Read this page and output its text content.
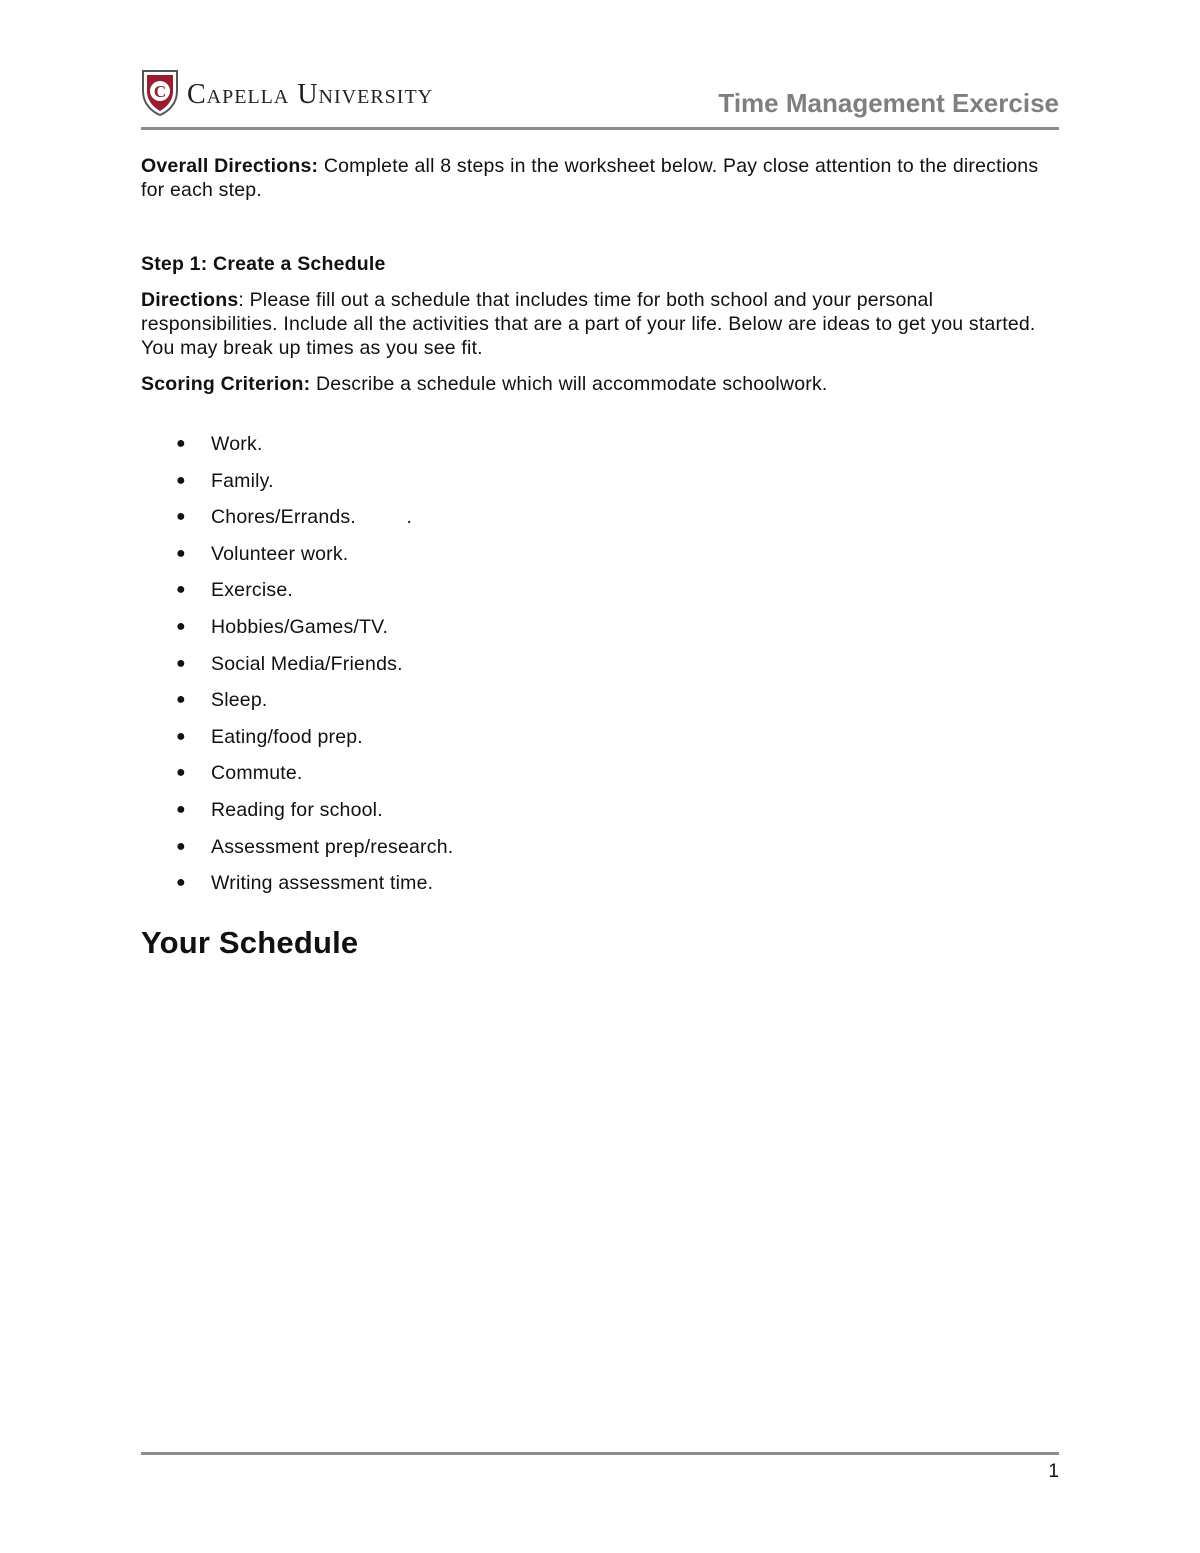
C Capella University	Time Management Exercise

Overall Directions: Complete all 8 steps in the worksheet below. Pay close attention to the directions for each step.

Step 1: Create a Schedule

Directions: Please fill out a schedule that includes time for both school and your personal responsibilities. Include all the activities that are a part of your life. Below are ideas to get you started. You may break up times as you see fit.

Scoring Criterion: Describe a schedule which will accommodate schoolwork.

● Work.
● Family.
● Chores/Errands.         .
● Volunteer work.
● Exercise.
● Hobbies/Games/TV.
● Social Media/Friends.
● Sleep.
● Eating/food prep.
● Commute.
● Reading for school.
● Assessment prep/research.
● Writing assessment time.
Your Schedule
1
